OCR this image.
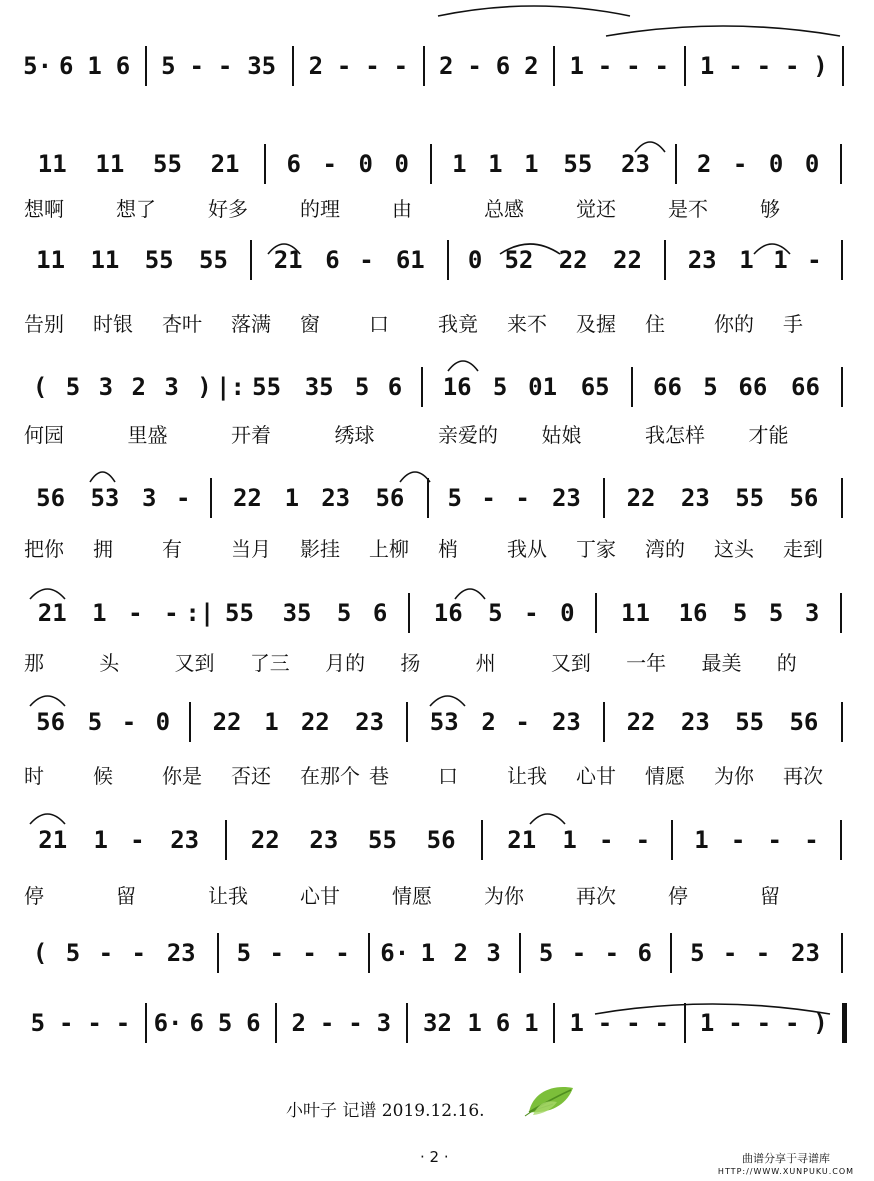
5· 6 1 6 5 - - 35 2 - - - 2 - 6 2 1 - - - 1 - - - )
11 11 55 21 6 - 0 0 1 1 1 55 23 2 - 0 0
想啊	想了	好多	的理	由	总感	觉还	是不	够
11 11 55 55 21 6 - 61 0 52 22 22 23 1 1 -
告别 时银 杏叶 落满 窗 口 我竟 来不 及握 住 你的 手
( 5 3 2 3 ) |: 55 35 5 6 16 5 01 65 66 5 66 66
何园	里盛	开着	绣球	亲爱的 姑娘	我怎样 才能
56 53 3 - 22 1 23 56 5 - - 23 22 23 55 56
把你 拥 有 当月 影挂 上柳 梢 我从 丁家 湾的 这头 走到
21 1 - - :| 55 35 5 6 16 5 - 0 11 16 5 5 3
那	头	又到 了三 月的 扬	州	又到 一年 最美 的
56 5 - 0 22 1 22 23 53 2 - 23 22 23 55 56
时 候 你是 否还 在那个 巷 口 让我 心甘 情愿 为你 再次
21 1 - 23 22 23 55 56 21 1 - - 1 - - -
停	留	让我	心甘	情愿	为你	再次	停	留
( 5 - - 23 5 - - - 6· 1 2 3 5 - - 6 5 - - 23
5 - - - 6· 6 5 6 2 - - 3 32 1 6 1 1 - - - 1 - - - )
小叶子 记谱 2019.12.16.
· 2 ·	曲谱分享于寻谱库
HTTP://WWW.XUNPUKU.COM
